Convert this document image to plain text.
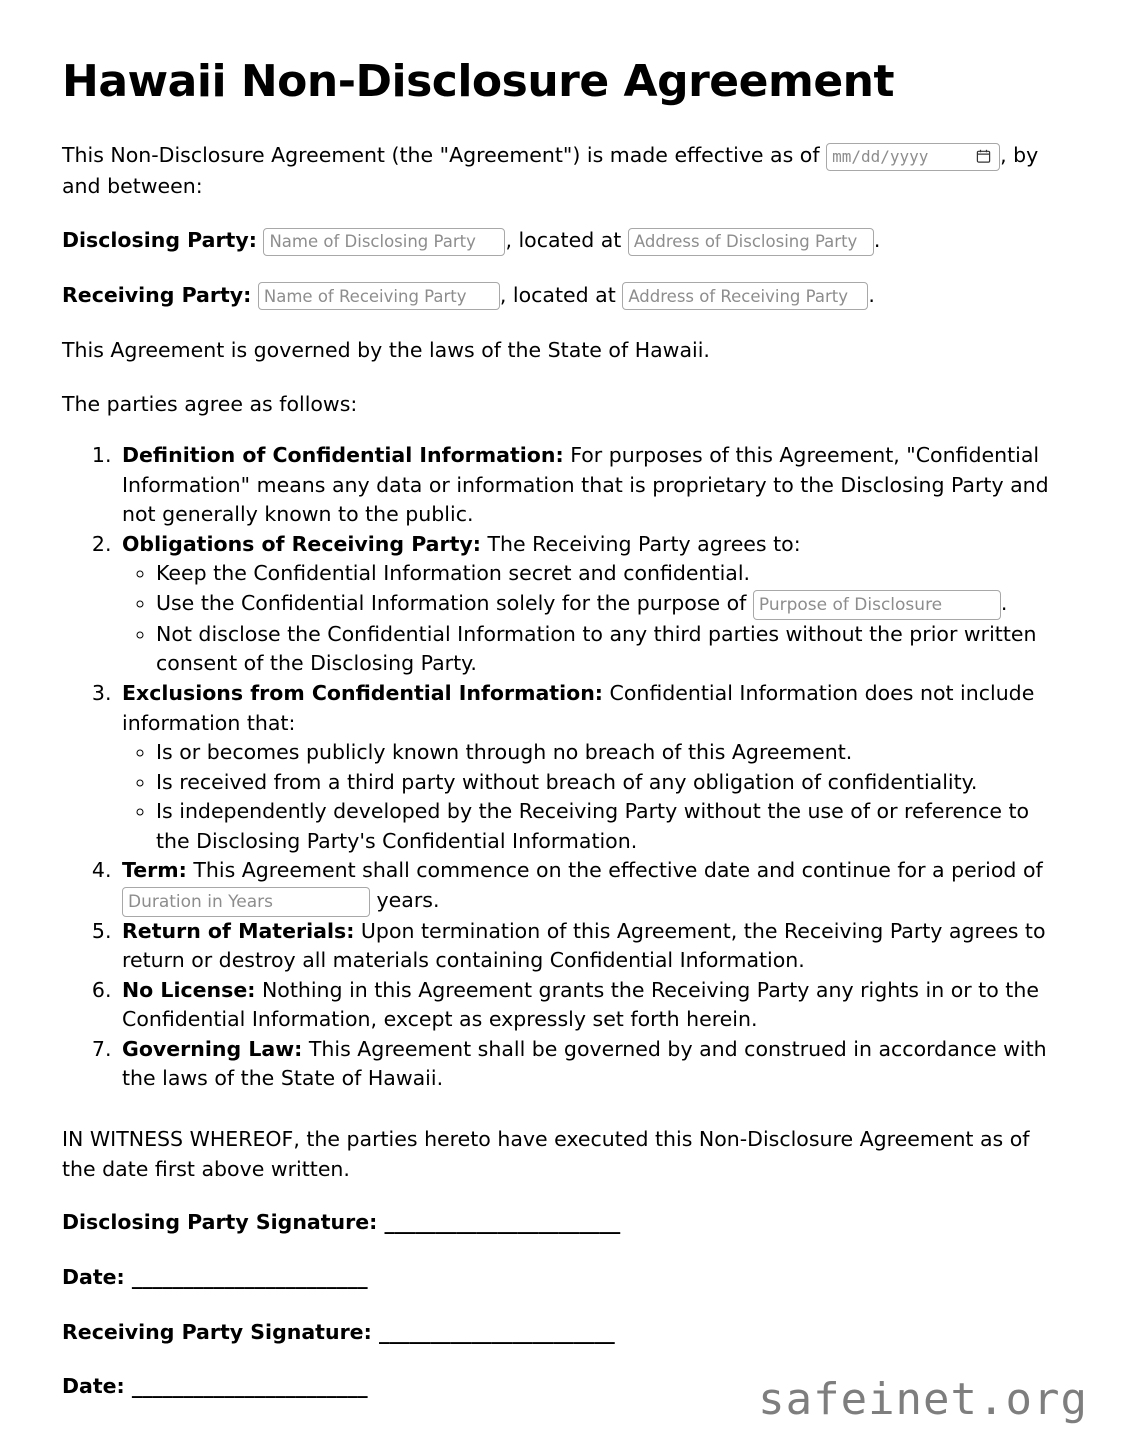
Hawaii Non-Disclosure Agreement

This Non-Disclosure Agreement (the "Agreement") is made effective as of mm/dd/yyyy	, by and between:

Disclosing Party: Name of Disclosing Party	, located at Address of Disclosing Party	.
Receiving Party: Name of Receiving Party	, located at Address of Receiving Party	.

This Agreement is governed by the laws of the State of Hawaii.

The parties agree as follows:

1. Definition of Confidential Information: For purposes of this Agreement, "Confidential Information" means any data or information that is proprietary to the Disclosing Party and not generally known to the public.
2. Obligations of Receiving Party: The Receiving Party agrees to:
◦ Keep the Confidential Information secret and confidential.
◦ Use the Confidential Information solely for the purpose of Purpose of Disclosure	.
◦ Not disclose the Confidential Information to any third parties without the prior written consent of the Disclosing Party.
3. Exclusions from Confidential Information: Confidential Information does not include information that:
◦ Is or becomes publicly known through no breach of this Agreement.
◦ Is received from a third party without breach of any obligation of confidentiality.
◦ Is independently developed by the Receiving Party without the use of or reference to the Disclosing Party's Confidential Information.
4. Term: This Agreement shall commence on the effective date and continue for a period of Duration in Years years.
5. Return of Materials: Upon termination of this Agreement, the Receiving Party agrees to return or destroy all materials containing Confidential Information.
6. No License: Nothing in this Agreement grants the Receiving Party any rights in or to the Confidential Information, except as expressly set forth herein.
7. Governing Law: This Agreement shall be governed by and construed in accordance with the laws of the State of Hawaii.

IN WITNESS WHEREOF, the parties hereto have executed this Non-Disclosure Agreement as of the date first above written.

Disclosing Party Signature: _______________________
Date: _______________________
Receiving Party Signature: _______________________
Date: _______________________	safeinet.org
